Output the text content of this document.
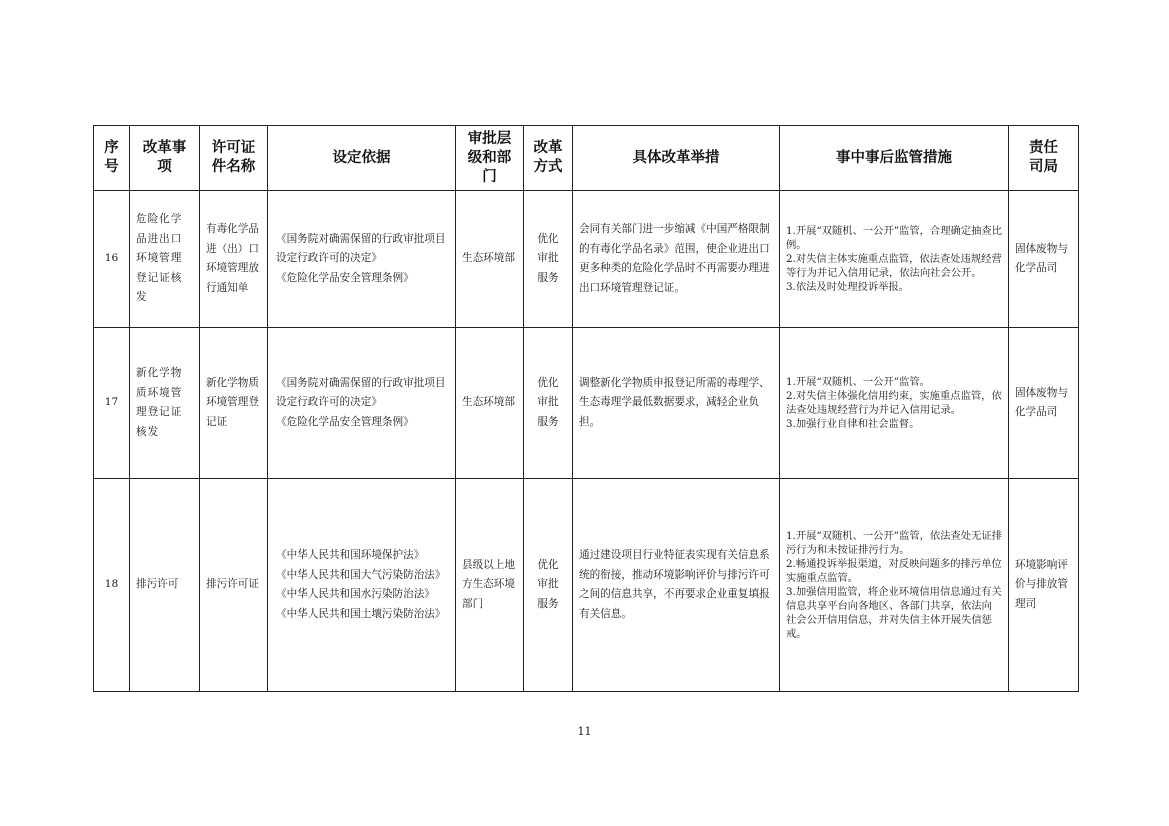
序号	改革事项	许可证件名称	设定依据	审批层级和部门	改革方式	具体改革举措	事中事后监管措施	责任司局
16	危险化学品进出口环境管理登记证核发	有毒化学品进（出）口环境管理放行通知单	《国务院对确需保留的行政审批项目设定行政许可的决定》
《危险化学品安全管理条例》	生态环境部	优化审批服务	会同有关部门进一步缩减《中国严格限制的有毒化学品名录》范围，使企业进出口更多种类的危险化学品时不再需要办理进出口环境管理登记证。	1.开展“双随机、一公开”监管，合理确定抽查比例。
2.对失信主体实施重点监管，依法查处违规经营等行为并记入信用记录，依法向社会公开。
3.依法及时处理投诉举报。	固体废物与化学品司

17	新化学物质环境管理登记证核发	新化学物质环境管理登记证	《国务院对确需保留的行政审批项目设定行政许可的决定》
《危险化学品安全管理条例》	生态环境部	优化审批服务	调整新化学物质申报登记所需的毒理学、生态毒理学最低数据要求，减轻企业负担。	1.开展“双随机、一公开”监管。
2.对失信主体强化信用约束，实施重点监管，依法查处违规经营行为并记入信用记录。
3.加强行业自律和社会监督。	固体废物与化学品司

18	排污许可	排污许可证	《中华人民共和国环境保护法》
《中华人民共和国大气污染防治法》
《中华人民共和国水污染防治法》
《中华人民共和国土壤污染防治法》	县级以上地方生态环境部门	优化审批服务	通过建设项目行业特征表实现有关信息系统的衔接，推动环境影响评价与排污许可之间的信息共享，不再要求企业重复填报有关信息。	1.开展“双随机、一公开”监管，依法查处无证排污行为和未按证排污行为。
2.畅通投诉举报渠道，对反映问题多的排污单位实施重点监管。
3.加强信用监管，将企业环境信用信息通过有关信息共享平台向各地区、各部门共享，依法向社会公开信用信息，并对失信主体开展失信惩戒。	环境影响评价与排放管理司
11
